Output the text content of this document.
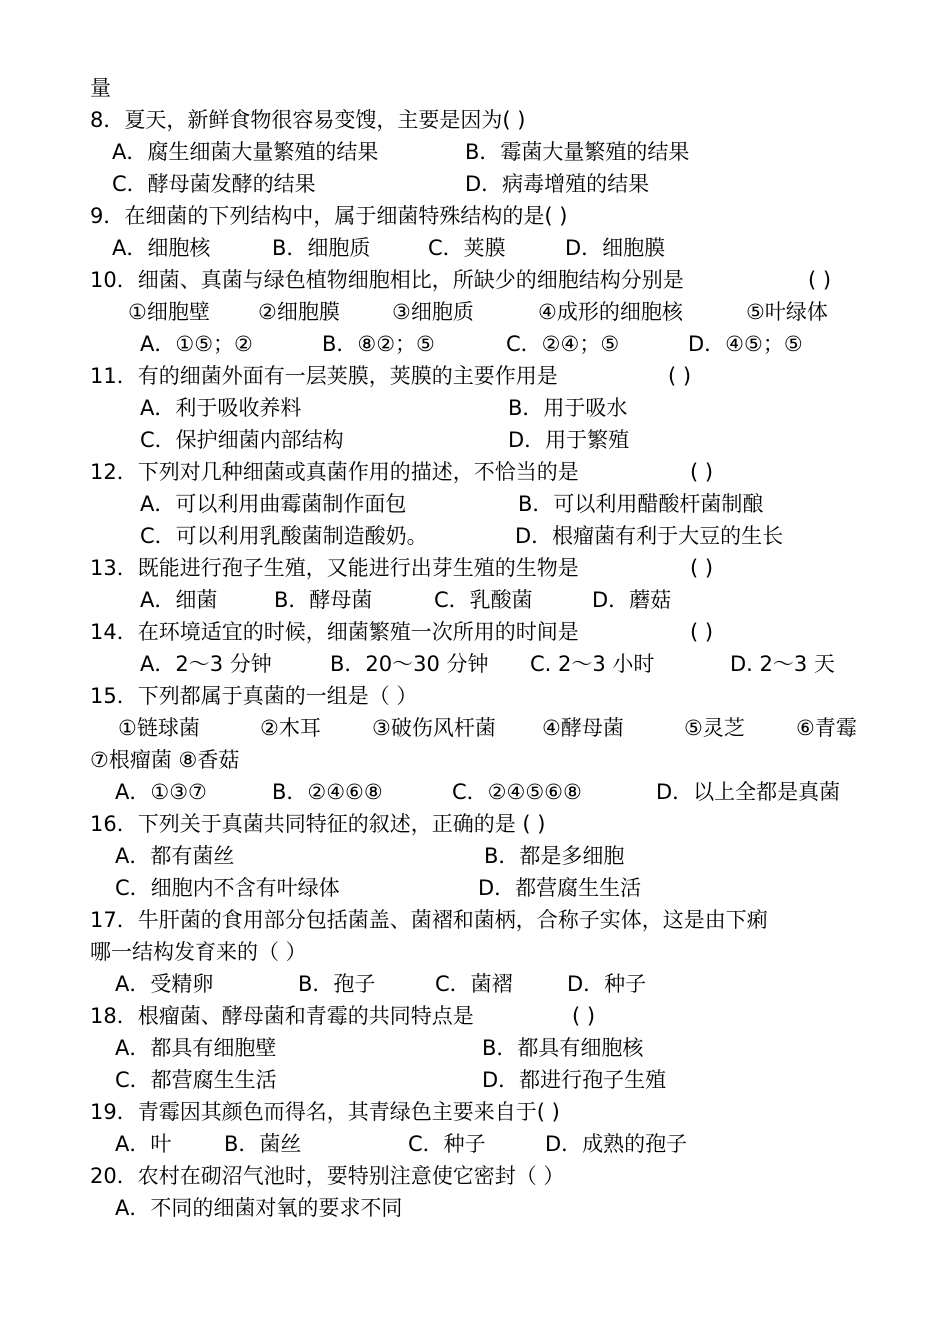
量
8．夏天，新鲜食物很容易变馊，主要是因为( )
A．腐生细菌大量繁殖的结果	B．霉菌大量繁殖的结果
C．酵母菌发酵的结果	D．病毒增殖的结果
9．在细菌的下列结构中，属于细菌特殊结构的是( )
A．细胞核	B．细胞质	C．荚膜	D．细胞膜
10．细菌、真菌与绿色植物细胞相比，所缺少的细胞结构分别是	( )
①细胞壁 ②细胞膜 ③细胞质	④成形的细胞核	⑤叶绿体
A．①⑤；②	B．⑧②；⑤	C．②④；⑤	D．④⑤；⑤
11．有的细菌外面有一层荚膜，荚膜的主要作用是	( )
A．利于吸收养料	B．用于吸水
C．保护细菌内部结构	D．用于繁殖
12．下列对几种细菌或真菌作用的描述，不恰当的是	( )
A．可以利用曲霉菌制作面包	B．可以利用醋酸杆菌制酿
C．可以利用乳酸菌制造酸奶。	D．根瘤菌有利于大豆的生长
13．既能进行孢子生殖，又能进行出芽生殖的生物是	( )
A．细菌	B．酵母菌	C．乳酸菌	D．蘑菇
14．在环境适宜的时候，细菌繁殖一次所用的时间是	( )
A．2～3 分钟	B．20～30 分钟 C. 2～3 小时	D. 2～3 天
15．下列都属于真菌的一组是（ ）
①链球菌	②木耳 ③破伤风杆菌 ④酵母菌	⑤灵芝 ⑥青霉
⑦根瘤菌 ⑧香菇
A．①③⑦	B．②④⑥⑧	C．②④⑤⑥⑧	D．以上全都是真菌
16．下列关于真菌共同特征的叙述，正确的是 ( )
A．都有菌丝	B．都是多细胞
C．细胞内不含有叶绿体	D．都营腐生生活
17．牛肝菌的食用部分包括菌盖、菌褶和菌柄，合称子实体，这是由下痢
哪一结构发育来的（ ）
A．受精卵	B．孢子	C．菌褶	D．种子
18．根瘤菌、酵母菌和青霉的共同特点是	( )
A．都具有细胞壁	B．都具有细胞核
C．都营腐生生活	D．都进行孢子生殖
19．青霉因其颜色而得名，其青绿色主要来自于( )
A．叶	B．菌丝	C．种子	D．成熟的孢子
20．农村在砌沼气池时，要特别注意使它密封（ ）
A．不同的细菌对氧的要求不同
